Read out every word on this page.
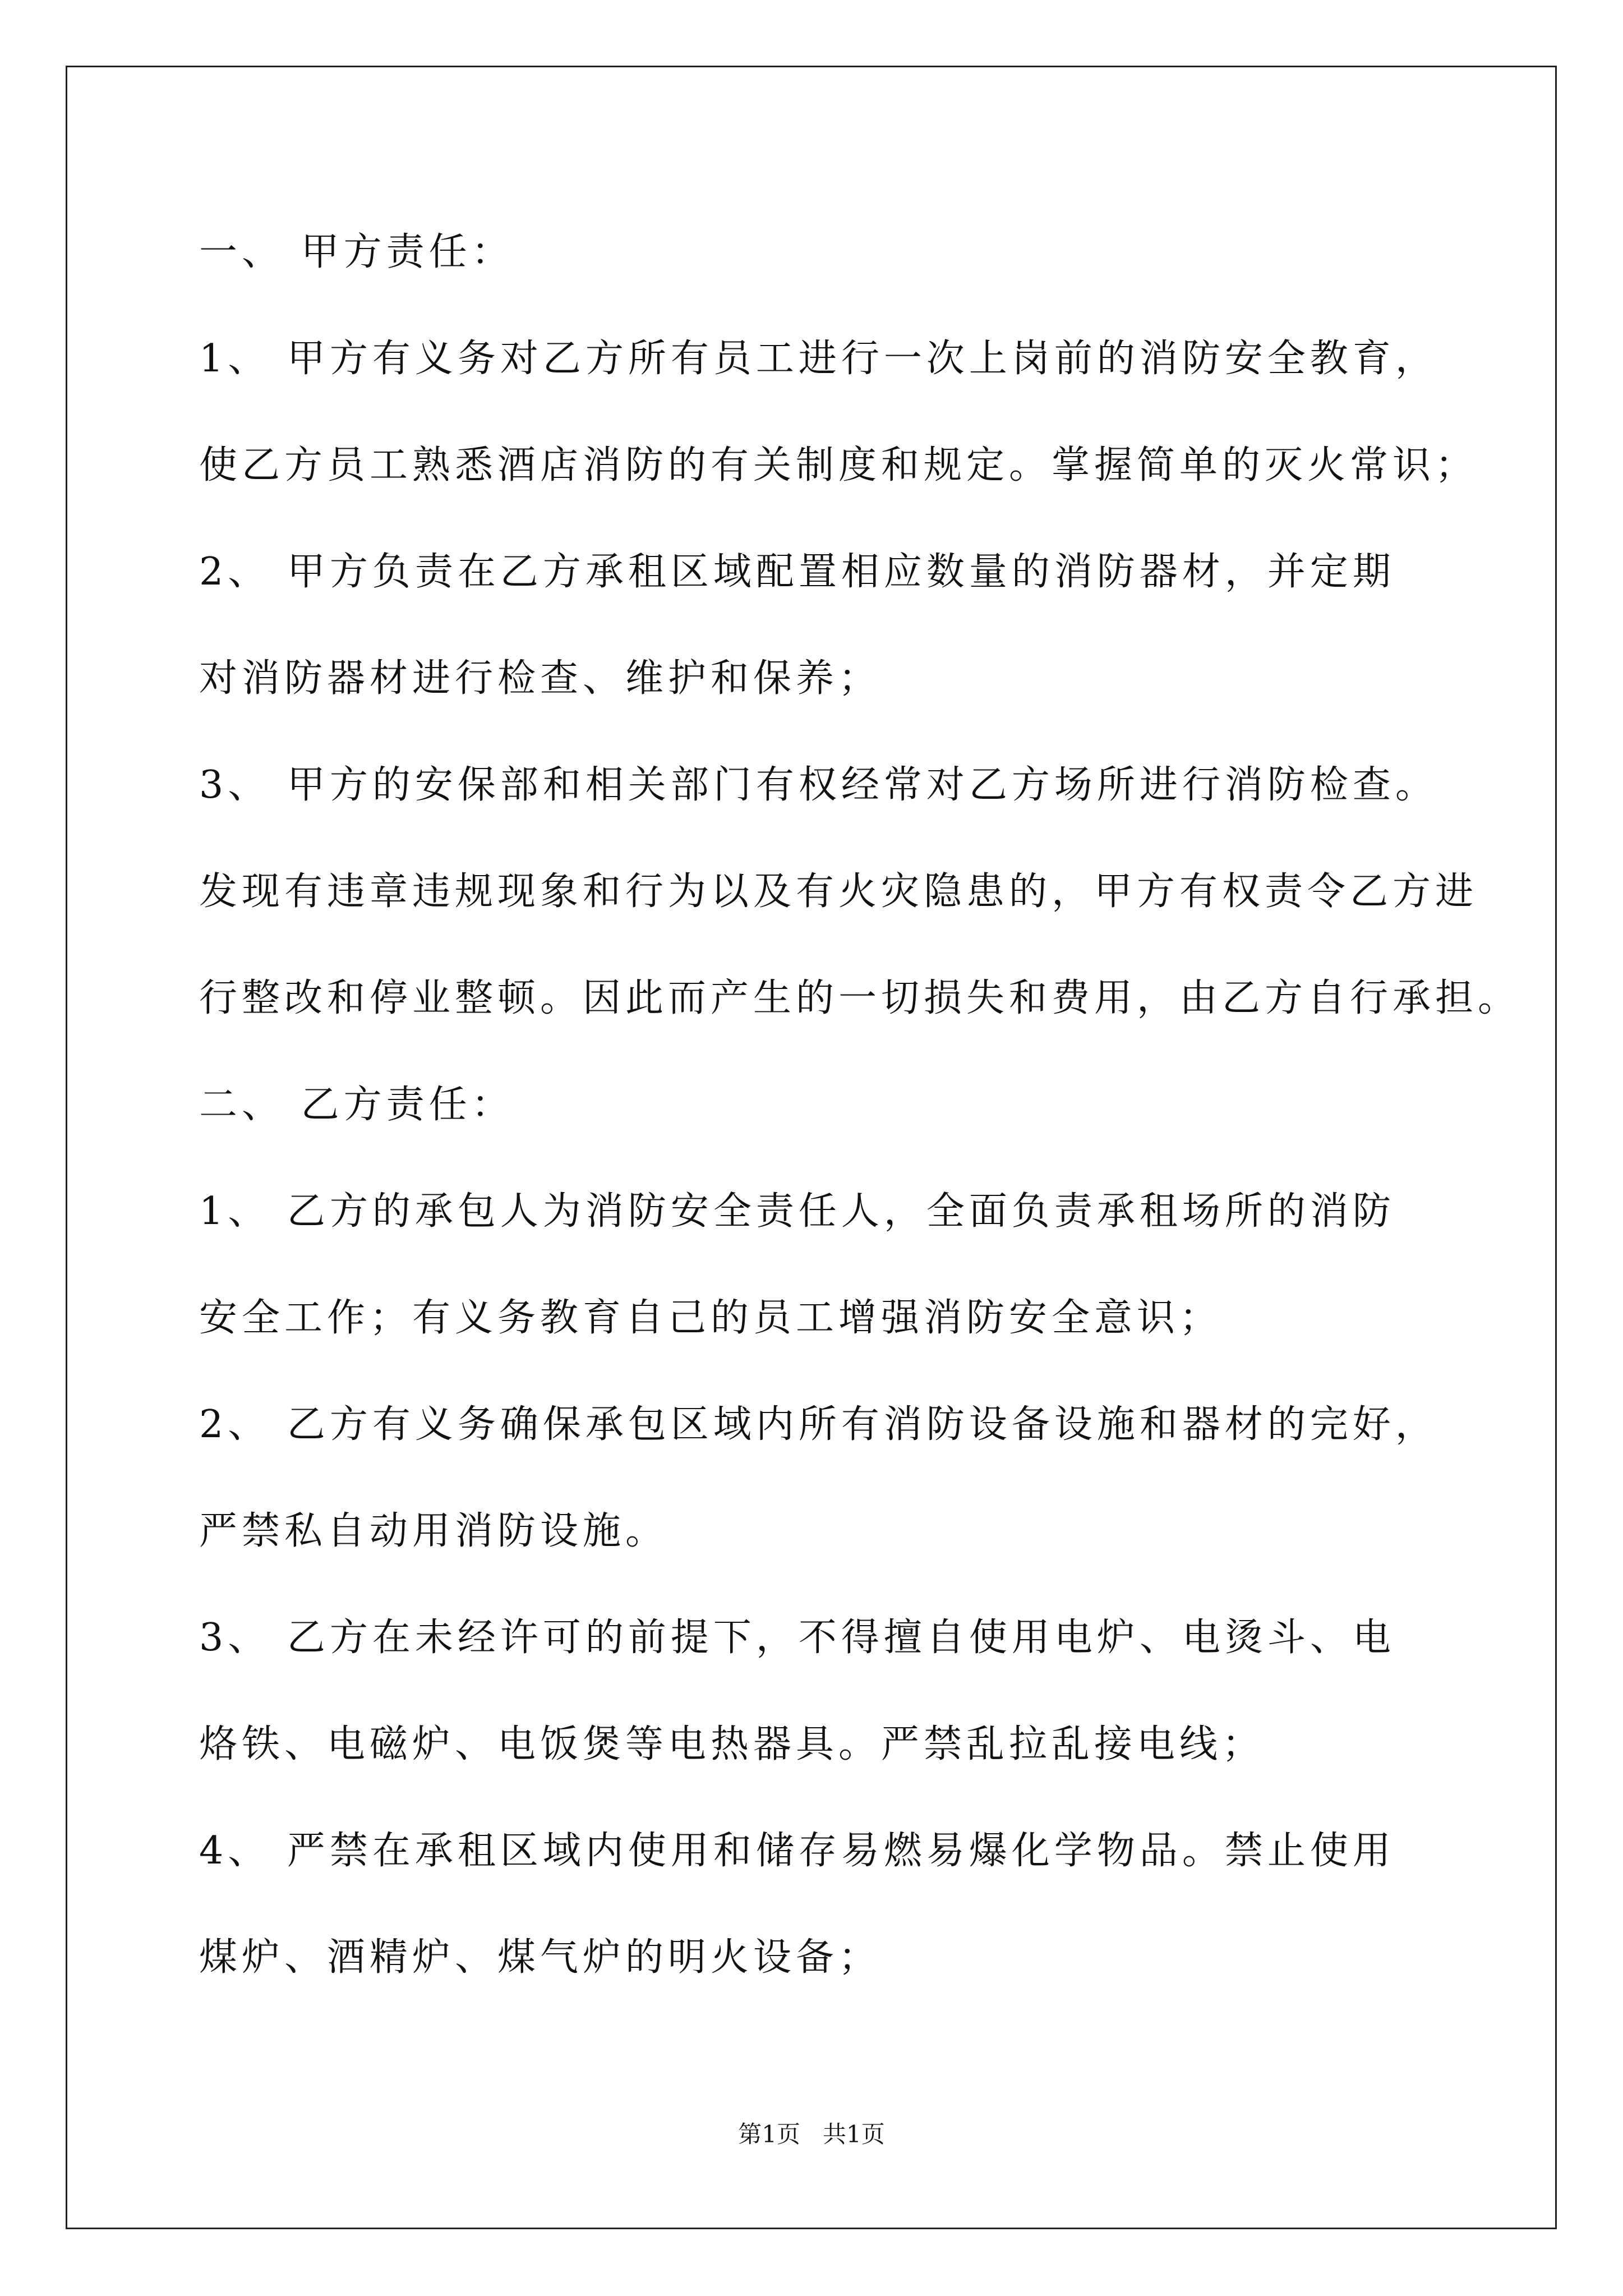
一、 甲方责任：
1、 甲方有义务对乙方所有员工进行一次上岗前的消防安全教育，
使乙方员工熟悉酒店消防的有关制度和规定。掌握简单的灭火常识；
2、 甲方负责在乙方承租区域配置相应数量的消防器材，并定期
对消防器材进行检查、维护和保养；
3、 甲方的安保部和相关部门有权经常对乙方场所进行消防检查。
发现有违章违规现象和行为以及有火灾隐患的，甲方有权责令乙方进
行整改和停业整顿。因此而产生的一切损失和费用，由乙方自行承担。
二、 乙方责任：
1、 乙方的承包人为消防安全责任人，全面负责承租场所的消防
安全工作；有义务教育自己的员工增强消防安全意识；
2、 乙方有义务确保承包区域内所有消防设备设施和器材的完好，
严禁私自动用消防设施。
3、 乙方在未经许可的前提下，不得擅自使用电炉、电烫斗、电
烙铁、电磁炉、电饭煲等电热器具。严禁乱拉乱接电线；
4、 严禁在承租区域内使用和储存易燃易爆化学物品。禁止使用
煤炉、酒精炉、煤气炉的明火设备；
第1页   共1页
